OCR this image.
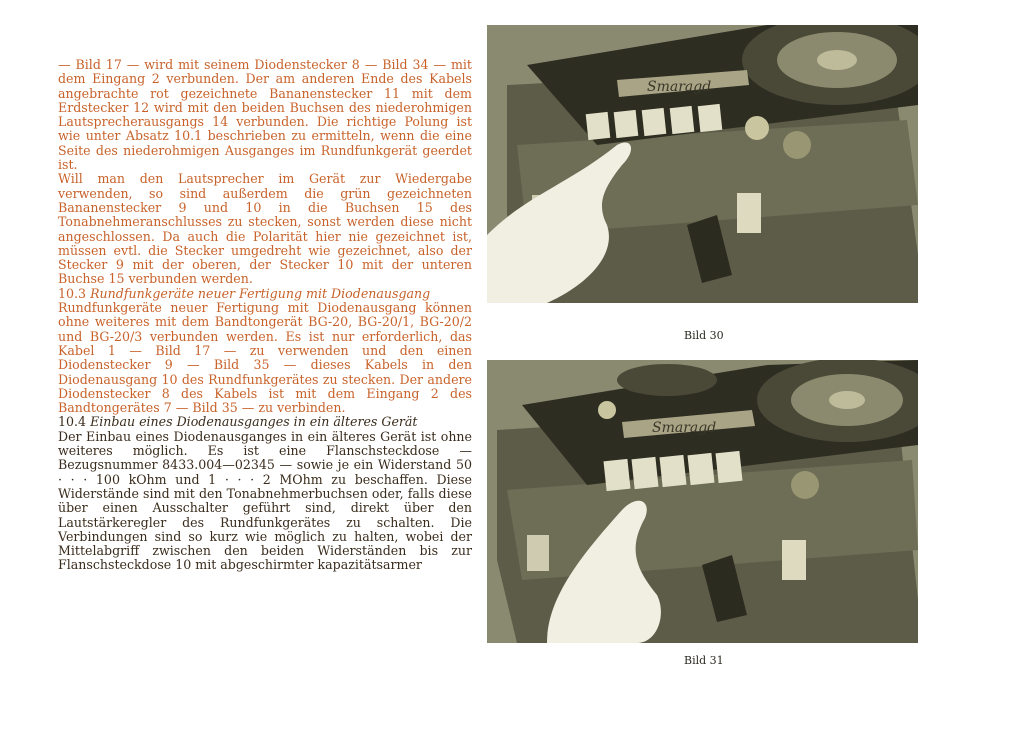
— Bild 17 — wird mit seinem Diodenstecker 8 — Bild 34 — mit dem Eingang 2 verbunden. Der am anderen Ende des Kabels angebrachte rot gezeichnete Bananenstecker 11 mit dem Erdstecker 12 wird mit den beiden Buchsen des niederohmigen Lautsprecherausgangs 14 verbunden. Die richtige Polung ist wie unter Absatz 10.1 beschrieben zu ermitteln, wenn die eine Seite des niederohmigen Ausganges im Rundfunkgerät geerdet ist.

Will man den Lautsprecher im Gerät zur Wiedergabe verwenden, so sind außerdem die grün gezeichneten Bananenstecker 9 und 10 in die Buchsen 15 des Tonabnehmeranschlusses zu stecken, sonst werden diese nicht angeschlossen. Da auch die Polarität hier nie gezeichnet ist, müssen evtl. die Stecker umgedreht wie gezeichnet, also der Stecker 9 mit der oberen, der Stecker 10 mit der unteren Buchse 15 verbunden werden.

10.3 Rundfunkgeräte neuer Fertigung mit Diodenausgang

Rundfunkgeräte neuer Fertigung mit Diodenausgang können ohne weiteres mit dem Bandtongerät BG-20, BG-20/1, BG-20/2 und BG-20/3 verbunden werden. Es ist nur erforderlich, das Kabel 1 — Bild 17 — zu verwenden und den einen Diodenstecker 9 — Bild 35 — dieses Kabels in den Diodenausgang 10 des Rundfunkgerätes zu stecken. Der andere Diodenstecker 8 des Kabels ist mit dem Eingang 2 des Bandtongerätes 7 — Bild 35 — zu verbinden.

10.4 Einbau eines Diodenausganges in ein älteres Gerät

Der Einbau eines Diodenausganges in ein älteres Gerät ist ohne weiteres möglich. Es ist eine Flanschsteckdose — Bezugsnummer 8433.004—02345 — sowie je ein Widerstand 50 · · · 100 kOhm und 1 · · · 2 MOhm zu beschaffen. Diese Widerstände sind mit den Tonabnehmerbuchsen oder, falls diese über einen Ausschalter geführt sind, direkt über den Lautstärkeregler des Rundfunkgerätes zu schalten. Die Verbindungen sind so kurz wie möglich zu halten, wobei der Mittelabgriff zwischen den beiden Widerständen bis zur Flanschsteckdose 10 mit abgeschirmter kapazitätsarmer

Smaragd
Bild 30
Smaragd
Bild 31
